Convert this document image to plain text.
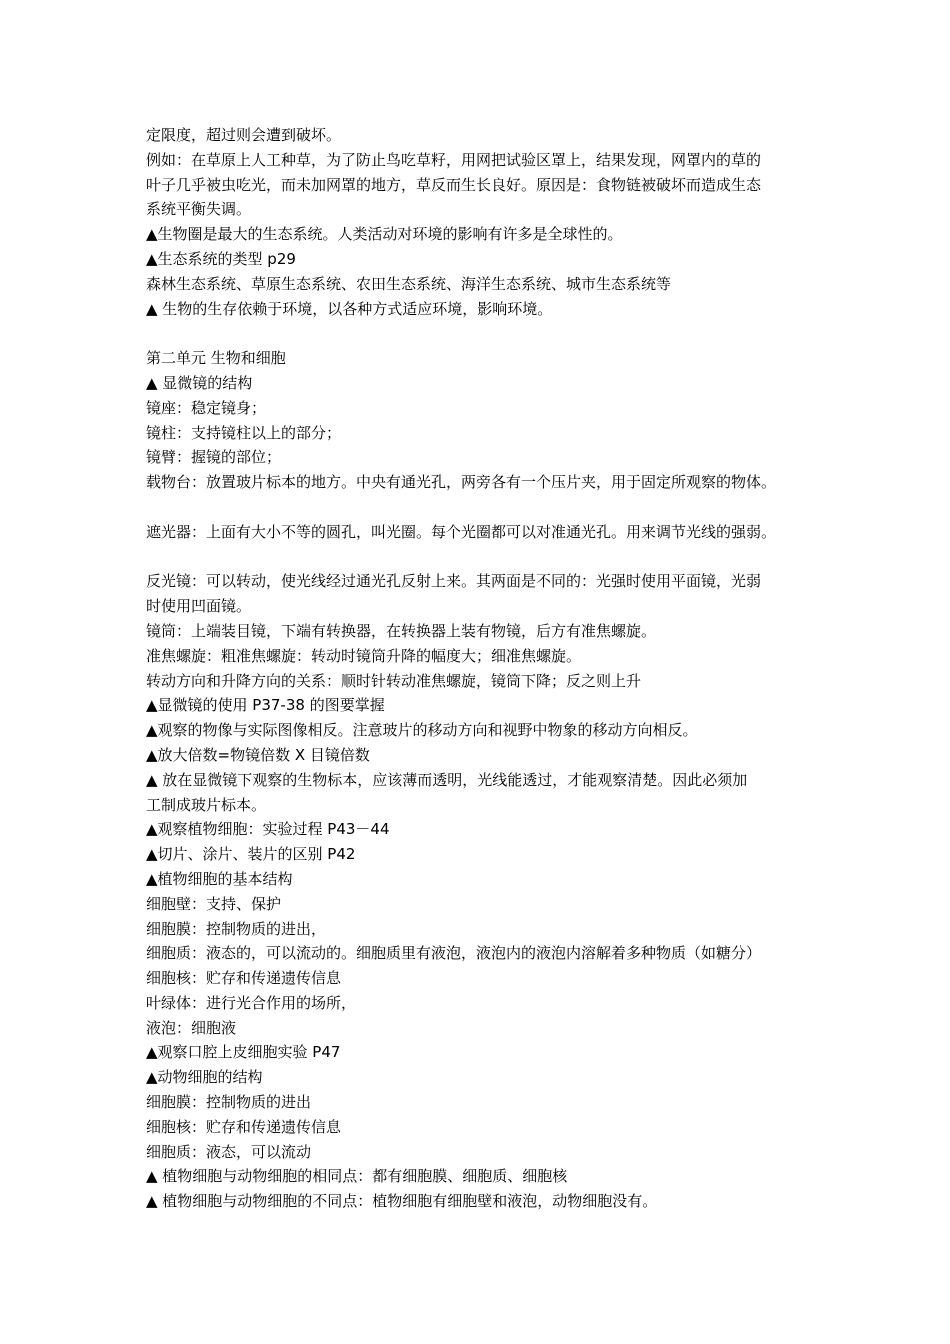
定限度，超过则会遭到破坏。
例如：在草原上人工种草，为了防止鸟吃草籽，用网把试验区罩上，结果发现，网罩内的草的
叶子几乎被虫吃光，而未加网罩的地方，草反而生长良好。原因是：食物链被破坏而造成生态
系统平衡失调。
▲生物圈是最大的生态系统。人类活动对环境的影响有许多是全球性的。
▲生态系统的类型 p29
森林生态系统、草原生态系统、农田生态系统、海洋生态系统、城市生态系统等
▲ 生物的生存依赖于环境，以各种方式适应环境，影响环境。
第二单元 生物和细胞
▲ 显微镜的结构
镜座：稳定镜身；
镜柱：支持镜柱以上的部分；
镜臂：握镜的部位；
载物台：放置玻片标本的地方。中央有通光孔，两旁各有一个压片夹，用于固定所观察的物体。
遮光器：上面有大小不等的圆孔，叫光圈。每个光圈都可以对准通光孔。用来调节光线的强弱。
反光镜：可以转动，使光线经过通光孔反射上来。其两面是不同的：光强时使用平面镜，光弱
时使用凹面镜。
镜筒：上端装目镜，下端有转换器，在转换器上装有物镜，后方有准焦螺旋。
准焦螺旋：粗准焦螺旋：转动时镜筒升降的幅度大；细准焦螺旋。
转动方向和升降方向的关系：顺时针转动准焦螺旋，镜筒下降；反之则上升
▲显微镜的使用 P37-38 的图要掌握
▲观察的物像与实际图像相反。注意玻片的移动方向和视野中物象的移动方向相反。
▲放大倍数=物镜倍数 X 目镜倍数
▲ 放在显微镜下观察的生物标本，应该薄而透明，光线能透过，才能观察清楚。因此必须加
工制成玻片标本。
▲观察植物细胞：实验过程 P43－44
▲切片、涂片、装片的区别 P42
▲植物细胞的基本结构
细胞壁：支持、保护
细胞膜：控制物质的进出，
细胞质：液态的，可以流动的。细胞质里有液泡，液泡内的液泡内溶解着多种物质（如糖分）
细胞核：贮存和传递遗传信息
叶绿体：进行光合作用的场所，
液泡：细胞液
▲观察口腔上皮细胞实验 P47
▲动物细胞的结构
细胞膜：控制物质的进出
细胞核：贮存和传递遗传信息
细胞质：液态，可以流动
▲ 植物细胞与动物细胞的相同点：都有细胞膜、细胞质、细胞核
▲ 植物细胞与动物细胞的不同点：植物细胞有细胞壁和液泡，动物细胞没有。
